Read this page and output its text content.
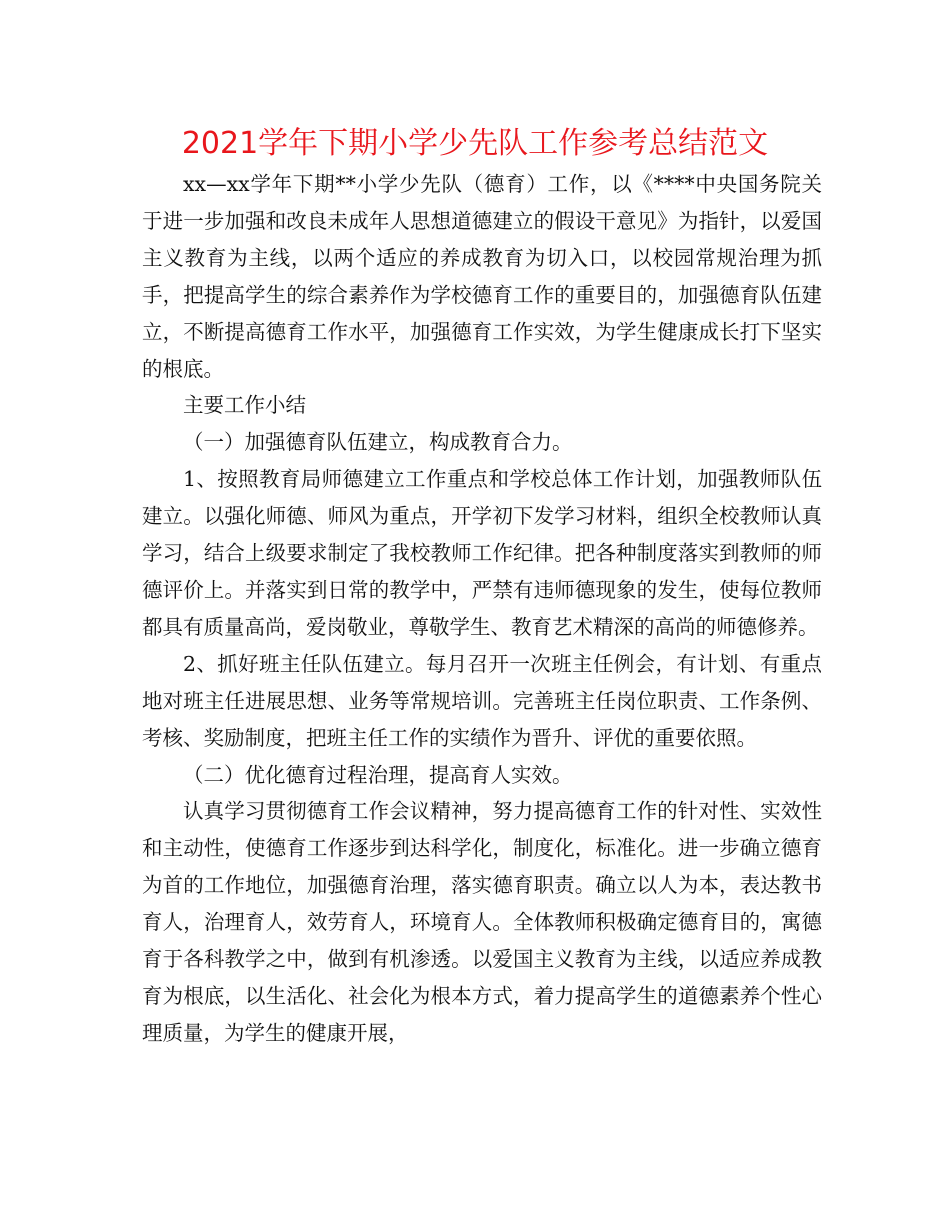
2021学年下期小学少先队工作参考总结范文

xx—xx学年下期**小学少先队（德育）工作，以《****中央国务院关于进一步加强和改良未成年人思想道德建立的假设干意见》为指针，以爱国主义教育为主线，以两个适应的养成教育为切入口，以校园常规治理为抓手，把提高学生的综合素养作为学校德育工作的重要目的，加强德育队伍建立，不断提高德育工作水平，加强德育工作实效，为学生健康成长打下坚实的根底。

主要工作小结

（一）加强德育队伍建立，构成教育合力。

1、按照教育局师德建立工作重点和学校总体工作计划，加强教师队伍建立。以强化师德、师风为重点，开学初下发学习材料，组织全校教师认真学习，结合上级要求制定了我校教师工作纪律。把各种制度落实到教师的师德评价上。并落实到日常的教学中，严禁有违师德现象的发生，使每位教师都具有质量高尚，爱岗敬业，尊敬学生、教育艺术精深的高尚的师德修养。

2、抓好班主任队伍建立。每月召开一次班主任例会，有计划、有重点地对班主任进展思想、业务等常规培训。完善班主任岗位职责、工作条例、考核、奖励制度，把班主任工作的实绩作为晋升、评优的重要依照。

（二）优化德育过程治理，提高育人实效。

认真学习贯彻德育工作会议精神，努力提高德育工作的针对性、实效性和主动性，使德育工作逐步到达科学化，制度化，标准化。进一步确立德育为首的工作地位，加强德育治理，落实德育职责。确立以人为本，表达教书育人，治理育人，效劳育人，环境育人。全体教师积极确定德育目的，寓德育于各科教学之中，做到有机渗透。以爱国主义教育为主线，以适应养成教育为根底，以生活化、社会化为根本方式，着力提高学生的道德素养个性心理质量，为学生的健康开展，
